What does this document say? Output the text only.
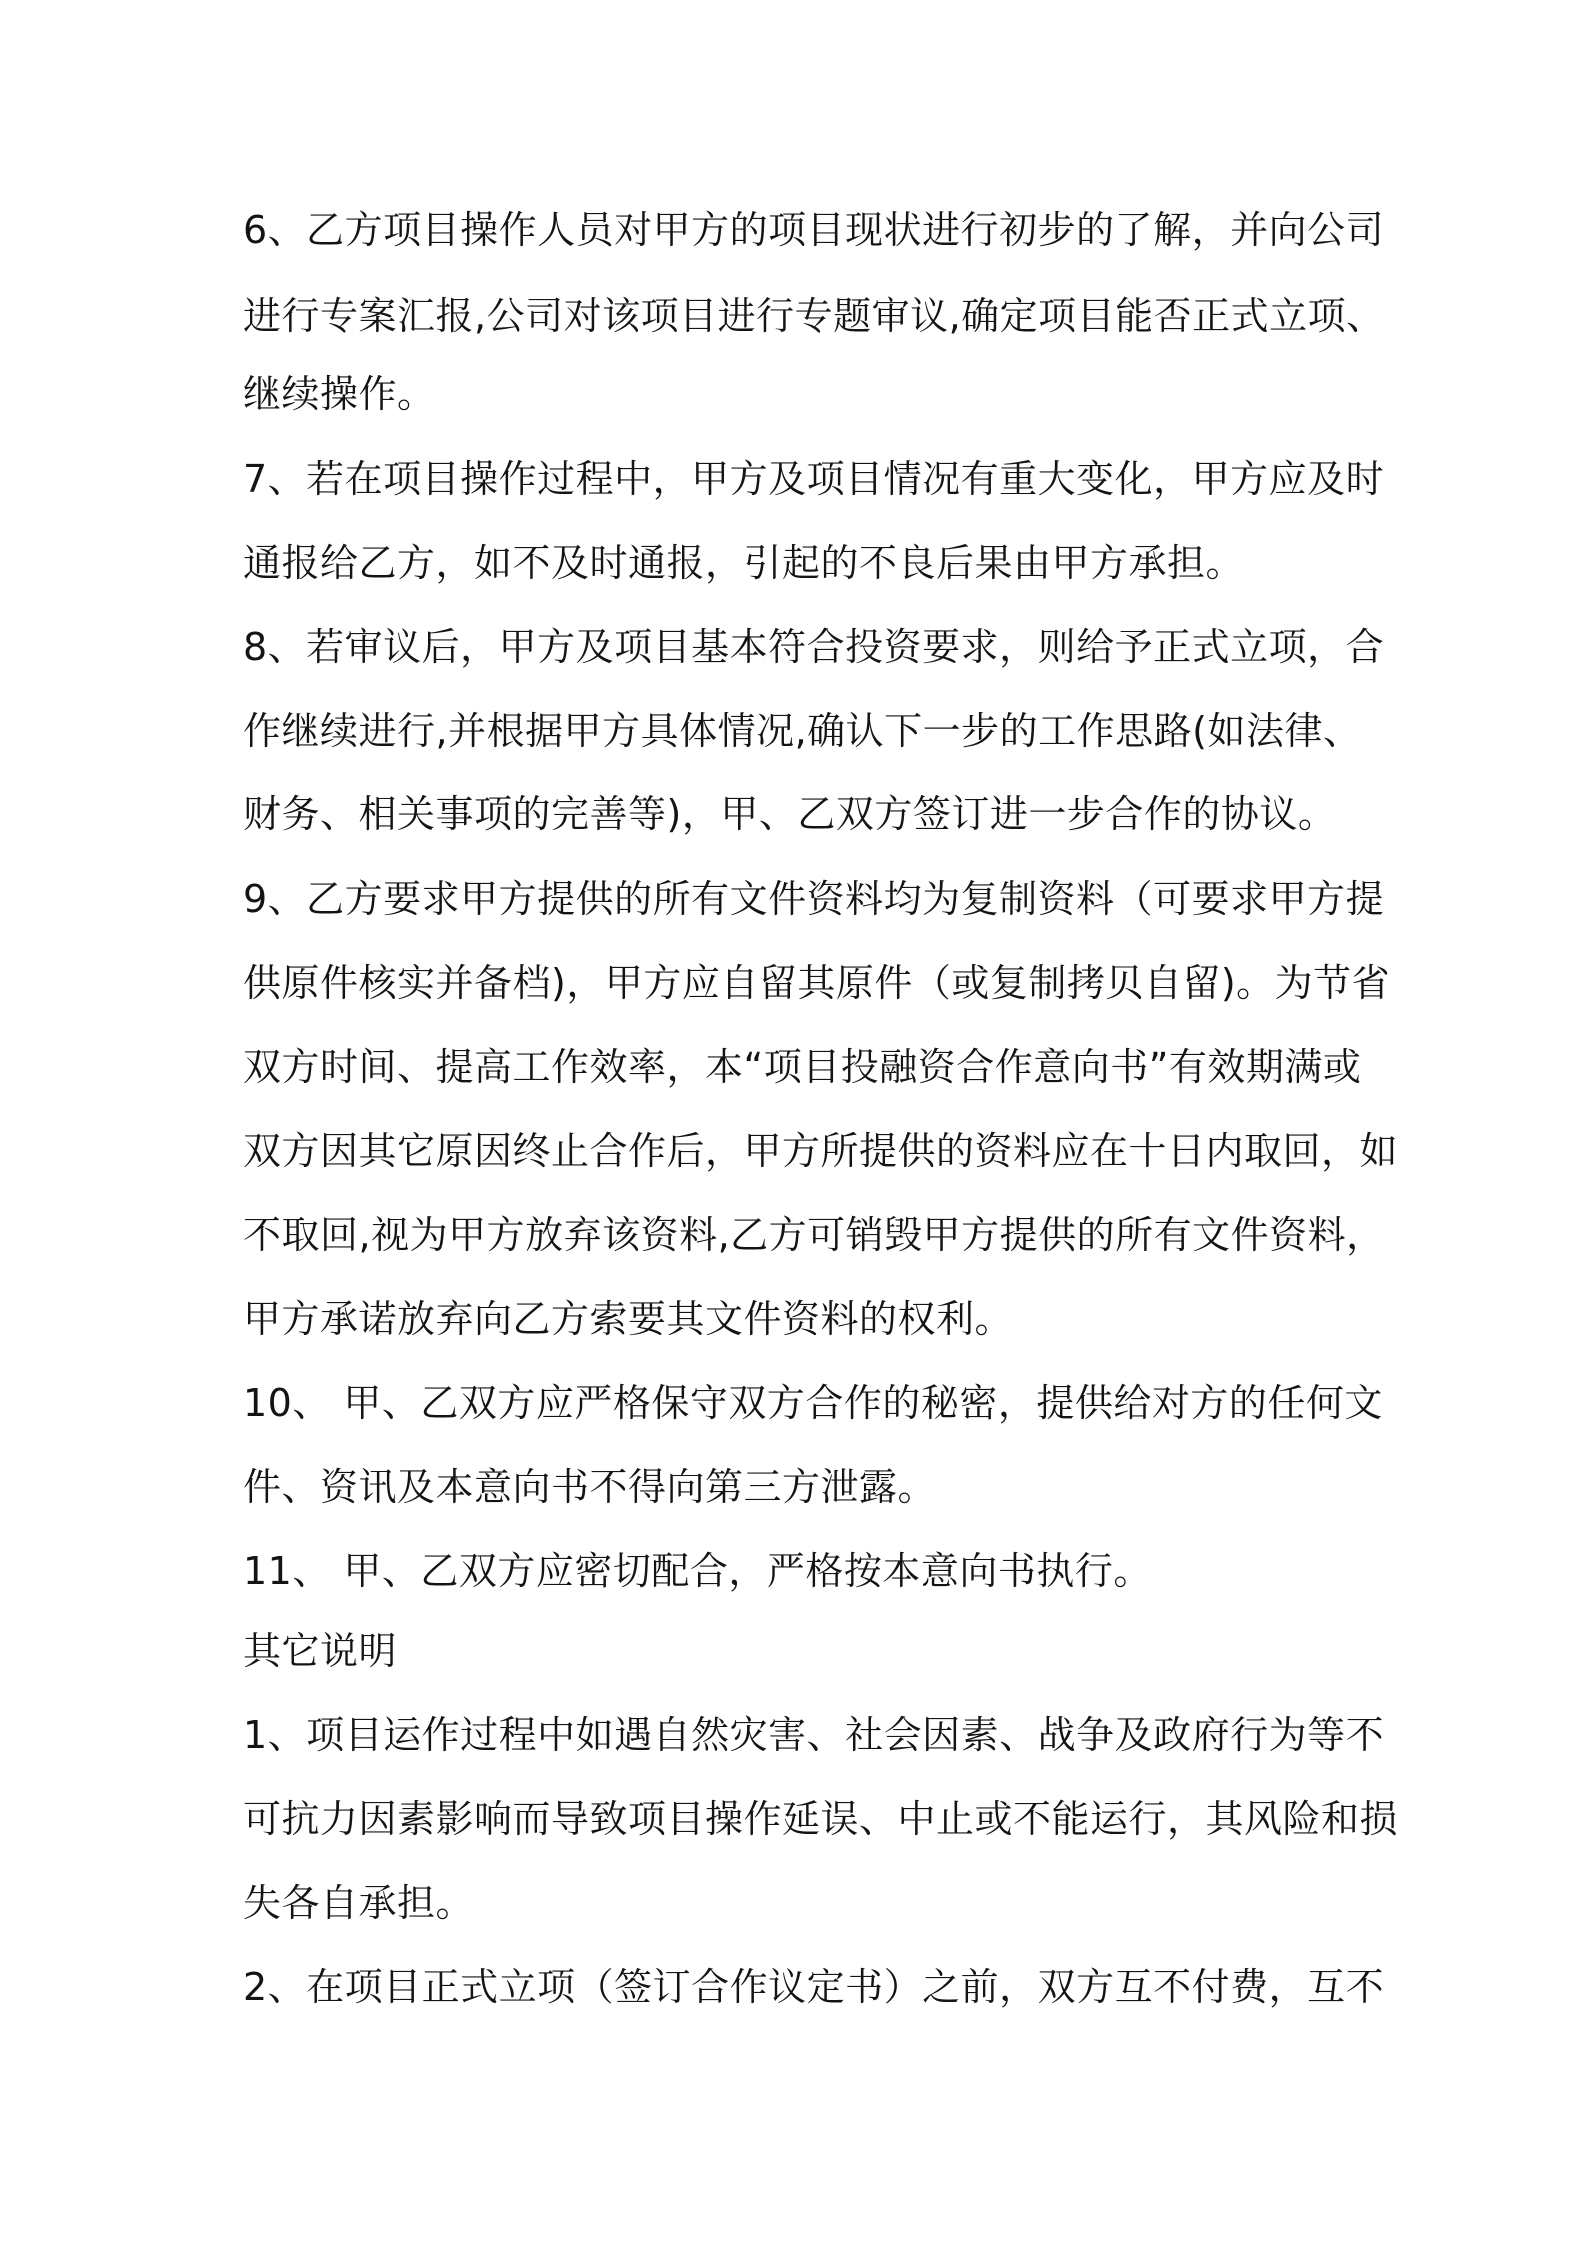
6、乙方项目操作人员对甲方的项目现状进行初步的了解，并向公司
进行专案汇报,公司对该项目进行专题审议,确定项目能否正式立项、
继续操作。
7、若在项目操作过程中，甲方及项目情况有重大变化，甲方应及时
通报给乙方，如不及时通报，引起的不良后果由甲方承担。
8、若审议后，甲方及项目基本符合投资要求，则给予正式立项，合
作继续进行,并根据甲方具体情况,确认下一步的工作思路(如法律、
财务、相关事项的完善等)，甲、乙双方签订进一步合作的协议。
9、乙方要求甲方提供的所有文件资料均为复制资料（可要求甲方提
供原件核实并备档)，甲方应自留其原件（或复制拷贝自留)。为节省
双方时间、提高工作效率，本“项目投融资合作意向书”有效期满或
双方因其它原因终止合作后，甲方所提供的资料应在十日内取回，如
不取回,视为甲方放弃该资料,乙方可销毁甲方提供的所有文件资料，
甲方承诺放弃向乙方索要其文件资料的权利。
10、 甲、乙双方应严格保守双方合作的秘密，提供给对方的任何文
件、资讯及本意向书不得向第三方泄露。
11、 甲、乙双方应密切配合，严格按本意向书执行。
其它说明
1、项目运作过程中如遇自然灾害、社会因素、战争及政府行为等不
可抗力因素影响而导致项目操作延误、中止或不能运行，其风险和损
失各自承担。
2、在项目正式立项（签订合作议定书）之前，双方互不付费，互不
